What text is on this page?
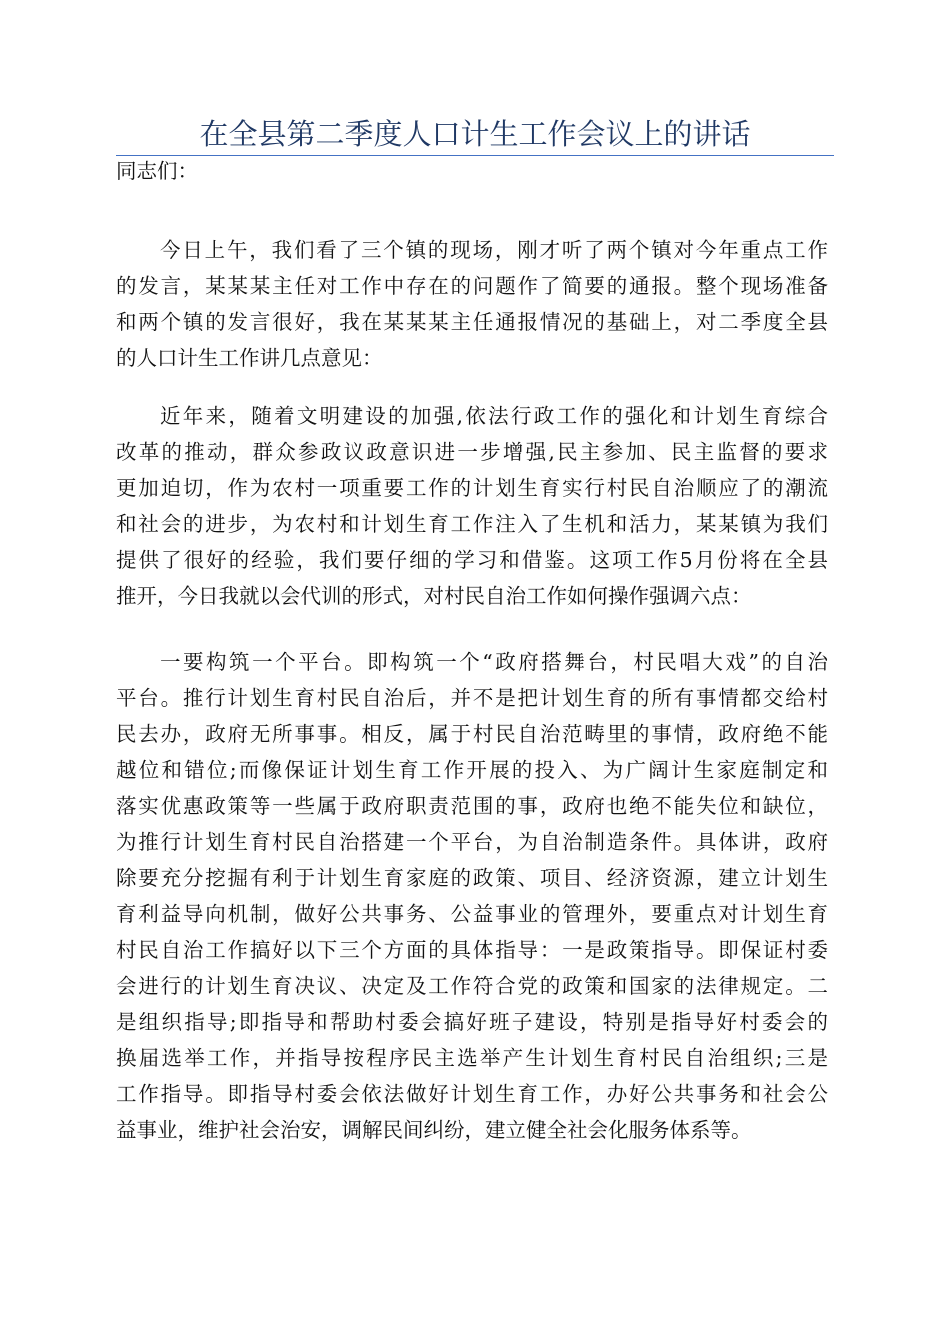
在全县第二季度人口计生工作会议上的讲话

同志们：

今日上午，我们看了三个镇的现场，刚才听了两个镇对今年重点工作
的发言，某某某主任对工作中存在的问题作了简要的通报。整个现场准备
和两个镇的发言很好，我在某某某主任通报情况的基础上，对二季度全县
的人口计生工作讲几点意见：
近年来，随着文明建设的加强,依法行政工作的强化和计划生育综合
改革的推动，群众参政议政意识进一步增强,民主参加、民主监督的要求
更加迫切，作为农村一项重要工作的计划生育实行村民自治顺应了的潮流
和社会的进步，为农村和计划生育工作注入了生机和活力，某某镇为我们
提供了很好的经验，我们要仔细的学习和借鉴。这项工作5月份将在全县
推开，今日我就以会代训的形式，对村民自治工作如何操作强调六点：
一要构筑一个平台。即构筑一个“政府搭舞台，村民唱大戏”的自治
平台。推行计划生育村民自治后，并不是把计划生育的所有事情都交给村
民去办，政府无所事事。相反，属于村民自治范畴里的事情，政府绝不能
越位和错位;而像保证计划生育工作开展的投入、为广阔计生家庭制定和
落实优惠政策等一些属于政府职责范围的事，政府也绝不能失位和缺位，
为推行计划生育村民自治搭建一个平台，为自治制造条件。具体讲，政府
除要充分挖掘有利于计划生育家庭的政策、项目、经济资源，建立计划生
育利益导向机制，做好公共事务、公益事业的管理外，要重点对计划生育
村民自治工作搞好以下三个方面的具体指导：一是政策指导。即保证村委
会进行的计划生育决议、决定及工作符合党的政策和国家的法律规定。二
是组织指导;即指导和帮助村委会搞好班子建设，特别是指导好村委会的
换届选举工作，并指导按程序民主选举产生计划生育村民自治组织;三是
工作指导。即指导村委会依法做好计划生育工作，办好公共事务和社会公
益事业，维护社会治安，调解民间纠纷，建立健全社会化服务体系等。
